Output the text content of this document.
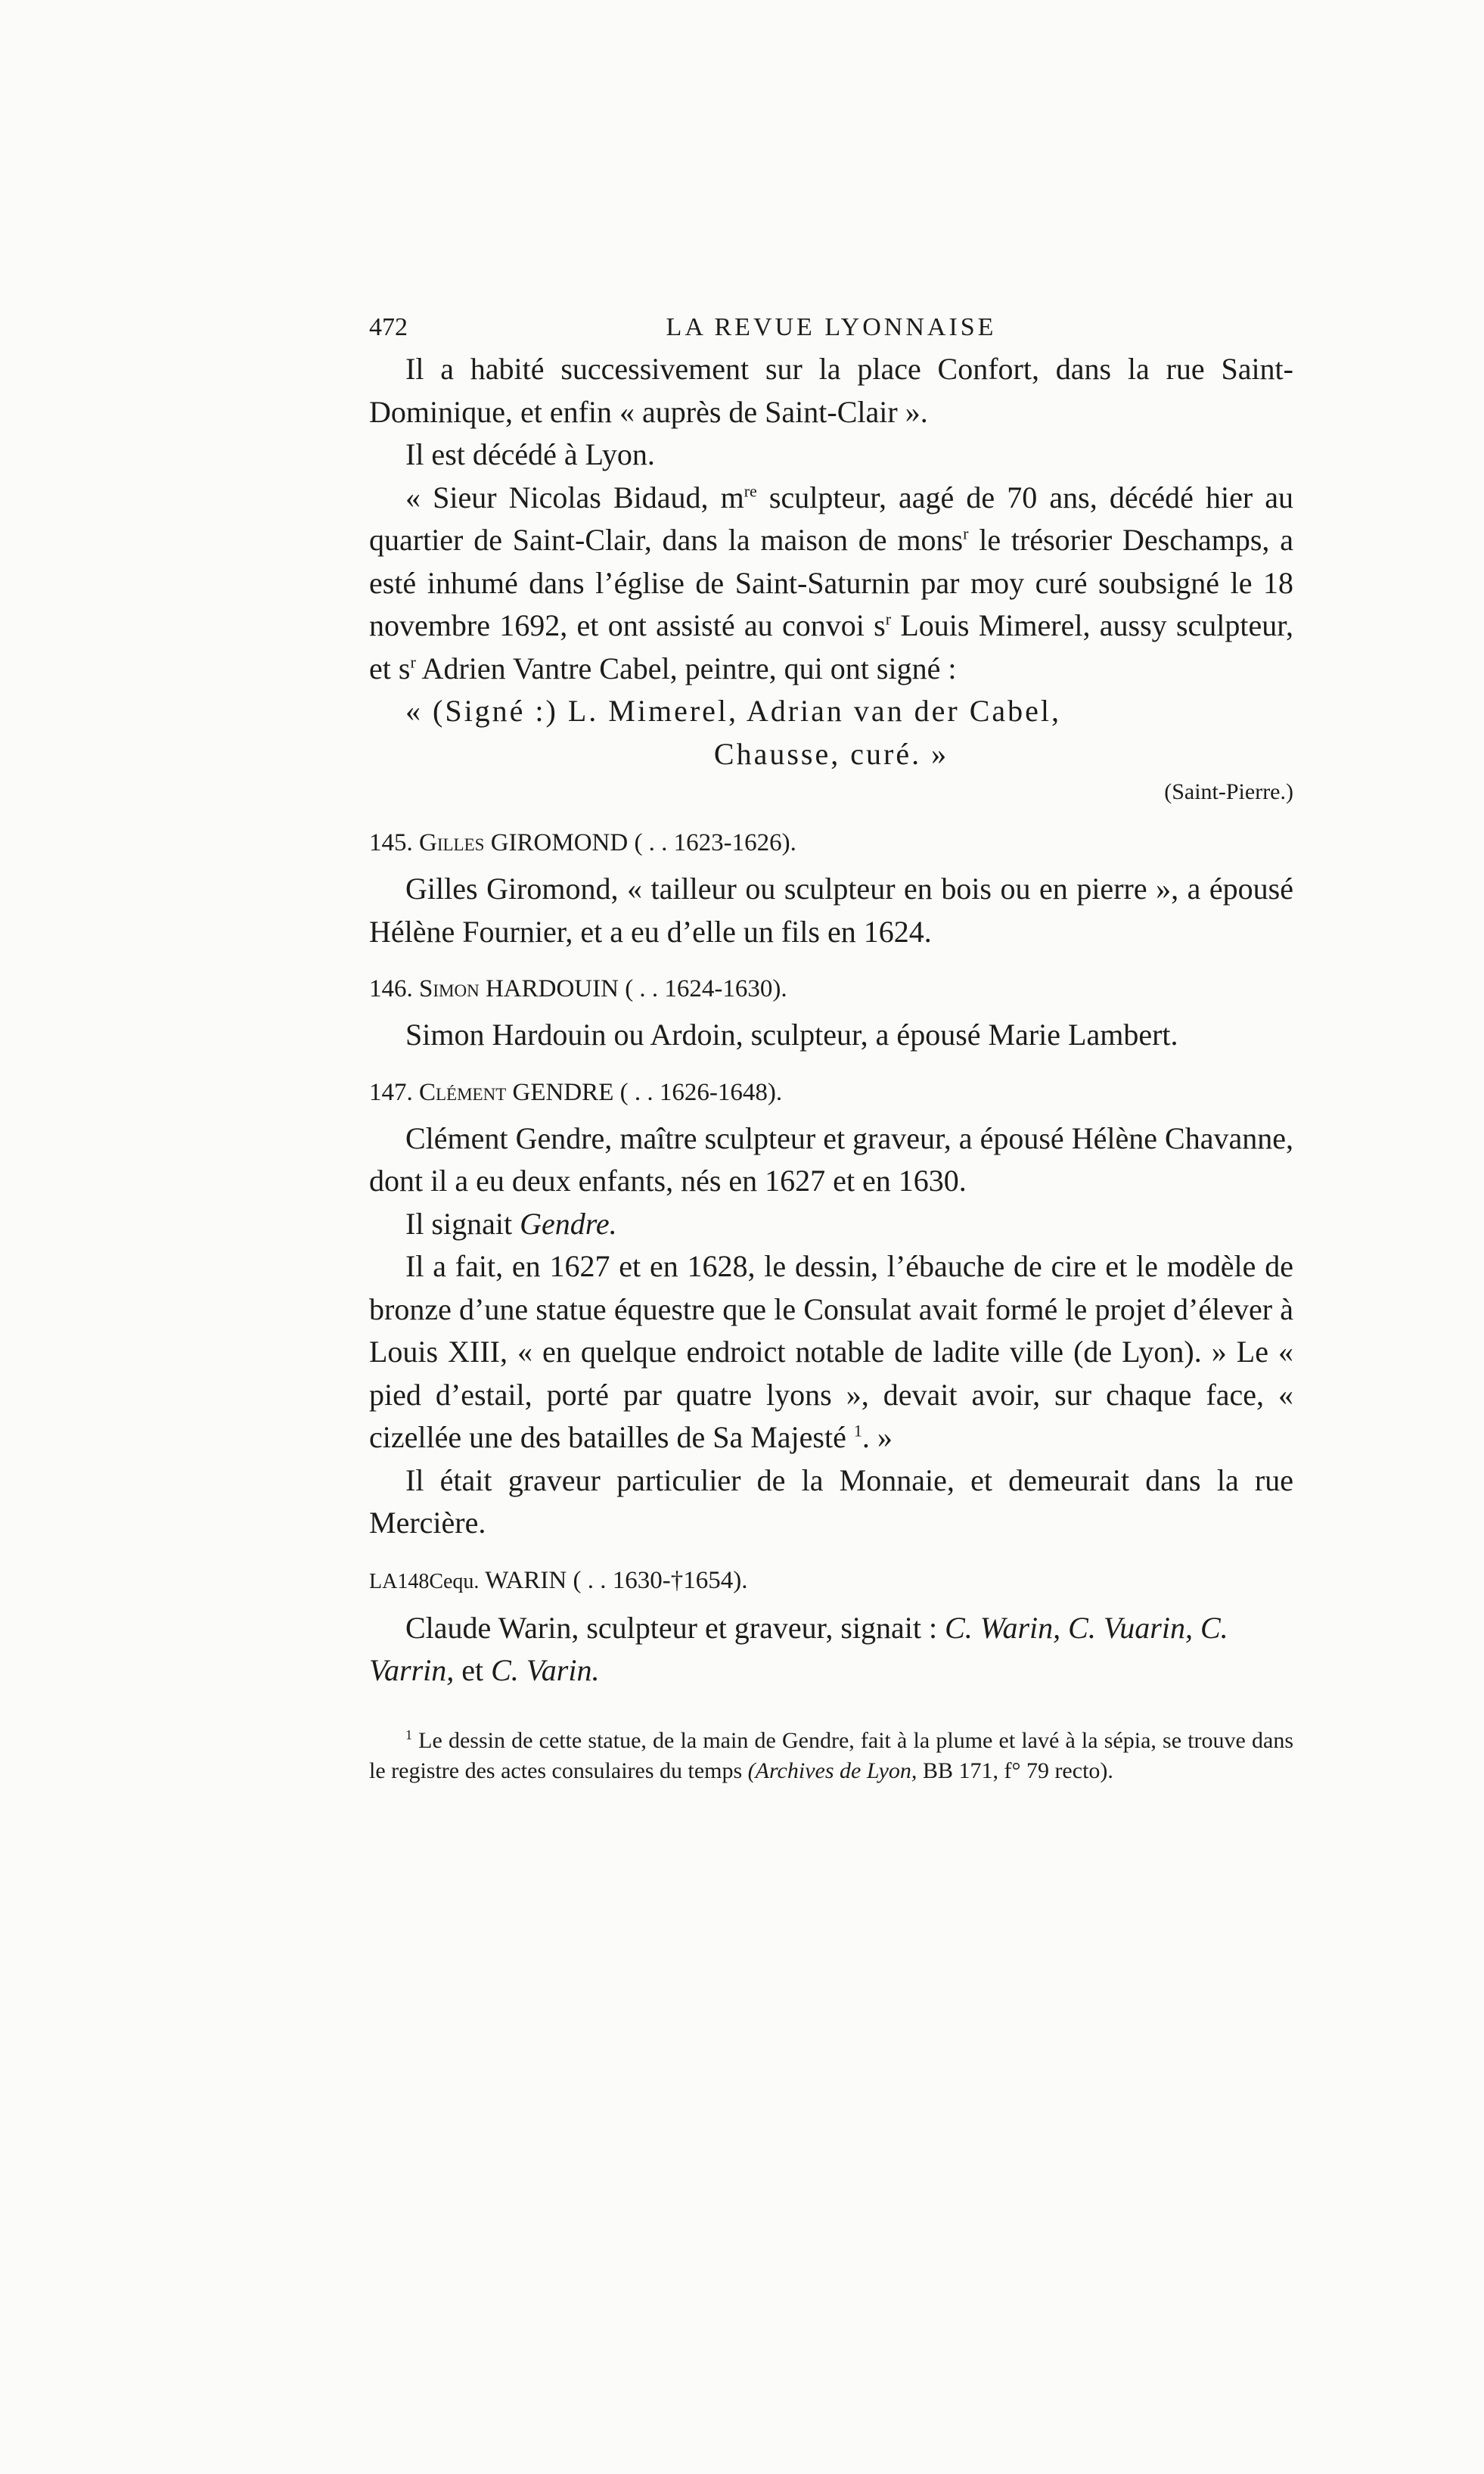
472	LA REVUE LYONNAISE

Il a habité successivement sur la place Confort, dans la rue Saint-Dominique, et enfin « auprès de Saint-Clair ».

Il est décédé à Lyon.

« Sieur Nicolas Bidaud, $m^{re}$ sculpteur, aagé de 70 ans, décédé hier au quartier de Saint-Clair, dans la maison de mons$^r$ le trésorier Deschamps, a esté inhumé dans l’église de Saint-Saturnin par moy curé soubsigné le 18 novembre 1692, et ont assisté au convoi $s^r$ Louis Mimerel, aussy sculpteur, et $s^r$ Adrien Vantre Cabel, peintre, qui ont signé :

« (Signé :) L. Mimerel, Adrian van der Cabel,

Chausse, curé. »

(Saint-Pierre.)

145. Gilles GIROMOND ( . . 1623-1626).

Gilles Giromond, « tailleur ou sculpteur en bois ou en pierre », a épousé Hélène Fournier, et a eu d’elle un fils en 1624.

146. Simon HARDOUIN ( . . 1624-1630).

Simon Hardouin ou Ardoin, sculpteur, a épousé Marie Lambert.

147. Clément GENDRE ( . . 1626-1648).

Clément Gendre, maître sculpteur et graveur, a épousé Hélène Chavanne, dont il a eu deux enfants, nés en 1627 et en 1630.

Il signait Gendre.

Il a fait, en 1627 et en 1628, le dessin, l’ébauche de cire et le modèle de bronze d’une statue équestre que le Consulat avait formé le projet d’élever à Louis XIII, « en quelque endroict notable de ladite ville (de Lyon). » Le « pied d’estail, porté par quatre lyons », devait avoir, sur chaque face, « cizellée une des batailles de Sa Majesté $^1$. »

Il était graveur particulier de la Monnaie, et demeurait dans la rue Mercière.

LA148Cequ. WARIN ( . . 1630-†1654).

Claude Warin, sculpteur et graveur, signait : C. Warin, C. Vuarin, C. Varrin, et C. Varin.

$^1$ Le dessin de cette statue, de la main de Gendre, fait à la plume et lavé à la sépia, se trouve dans le registre des actes consulaires du temps (Archives de Lyon, BB 171, f° 79 recto).
